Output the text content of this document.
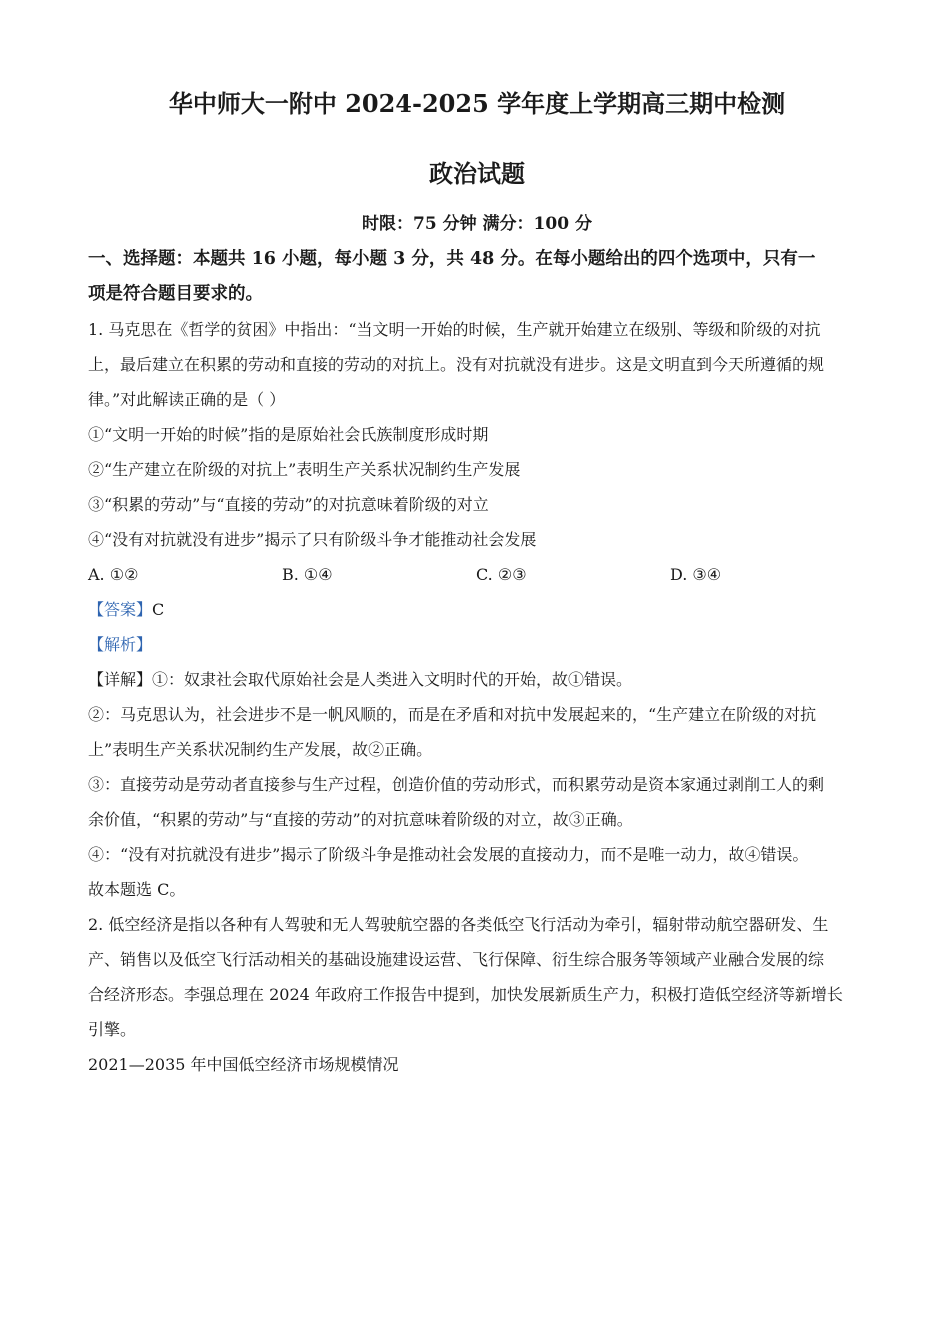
华中师大一附中 2024-2025 学年度上学期高三期中检测
政治试题
时限：75 分钟 满分：100 分
一、选择题：本题共 16 小题，每小题 3 分，共 48 分。在每小题给出的四个选项中，只有一
项是符合题目要求的。

1. 马克思在《哲学的贫困》中指出：“当文明一开始的时候，生产就开始建立在级别、等级和阶级的对抗

上，最后建立在积累的劳动和直接的劳动的对抗上。没有对抗就没有进步。这是文明直到今天所遵循的规

律。”对此解读正确的是（ ）

①“文明一开始的时候”指的是原始社会氏族制度形成时期

②“生产建立在阶级的对抗上”表明生产关系状况制约生产发展

③“积累的劳动”与“直接的劳动”的对抗意味着阶级的对立

④“没有对抗就没有进步”揭示了只有阶级斗争才能推动社会发展

A. ①②	B. ①④	C. ②③	D. ③④

【答案】C

【解析】

【详解】①：奴隶社会取代原始社会是人类进入文明时代的开始，故①错误。

②：马克思认为，社会进步不是一帆风顺的，而是在矛盾和对抗中发展起来的，“生产建立在阶级的对抗

上”表明生产关系状况制约生产发展，故②正确。

③：直接劳动是劳动者直接参与生产过程，创造价值的劳动形式，而积累劳动是资本家通过剥削工人的剩

余价值，“积累的劳动”与“直接的劳动”的对抗意味着阶级的对立，故③正确。

④：“没有对抗就没有进步”揭示了阶级斗争是推动社会发展的直接动力，而不是唯一动力，故④错误。

故本题选 C。

2. 低空经济是指以各种有人驾驶和无人驾驶航空器的各类低空飞行活动为牵引，辐射带动航空器研发、生

产、销售以及低空飞行活动相关的基础设施建设运营、飞行保障、衍生综合服务等领域产业融合发展的综

合经济形态。李强总理在 2024 年政府工作报告中提到，加快发展新质生产力，积极打造低空经济等新增长

引擎。

2021—2035 年中国低空经济市场规模情况
